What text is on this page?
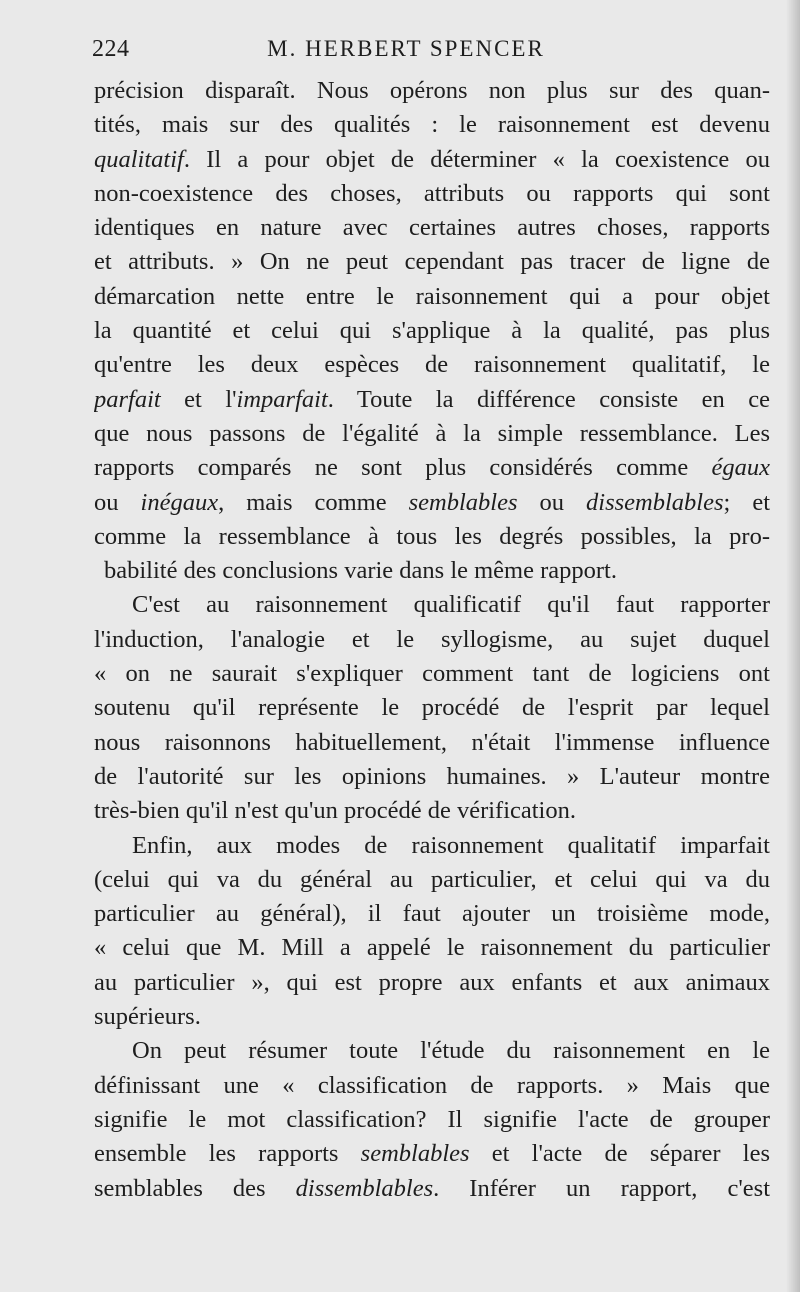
224	M. HERBERT SPENCER
précision disparaît. Nous opérons non plus sur des quan-
tités, mais sur des qualités : le raisonnement est devenu
qualitatif. Il a pour objet de déterminer « la coexistence ou
non-coexistence des choses, attributs ou rapports qui sont
identiques en nature avec certaines autres choses, rapports
et attributs. » On ne peut cependant pas tracer de ligne de
démarcation nette entre le raisonnement qui a pour objet
la quantité et celui qui s'applique à la qualité, pas plus
qu'entre les deux espèces de raisonnement qualitatif, le
parfait et l'imparfait. Toute la différence consiste en ce
que nous passons de l'égalité à la simple ressemblance. Les
rapports comparés ne sont plus considérés comme égaux
ou inégaux, mais comme semblables ou dissemblables; et
comme la ressemblance à tous les degrés possibles, la pro-
babilité des conclusions varie dans le même rapport.
C'est au raisonnement qualificatif qu'il faut rapporter
l'induction, l'analogie et le syllogisme, au sujet duquel
« on ne saurait s'expliquer comment tant de logiciens ont
soutenu qu'il représente le procédé de l'esprit par lequel
nous raisonnons habituellement, n'était l'immense influence
de l'autorité sur les opinions humaines. » L'auteur montre
très-bien qu'il n'est qu'un procédé de vérification.
Enfin, aux modes de raisonnement qualitatif imparfait
(celui qui va du général au particulier, et celui qui va du
particulier au général), il faut ajouter un troisième mode,
« celui que M. Mill a appelé le raisonnement du particulier
au particulier », qui est propre aux enfants et aux animaux
supérieurs.
On peut résumer toute l'étude du raisonnement en le
définissant une « classification de rapports. » Mais que
signifie le mot classification? Il signifie l'acte de grouper
ensemble les rapports semblables et l'acte de séparer les
semblables des dissemblables. Inférer un rapport, c'est
